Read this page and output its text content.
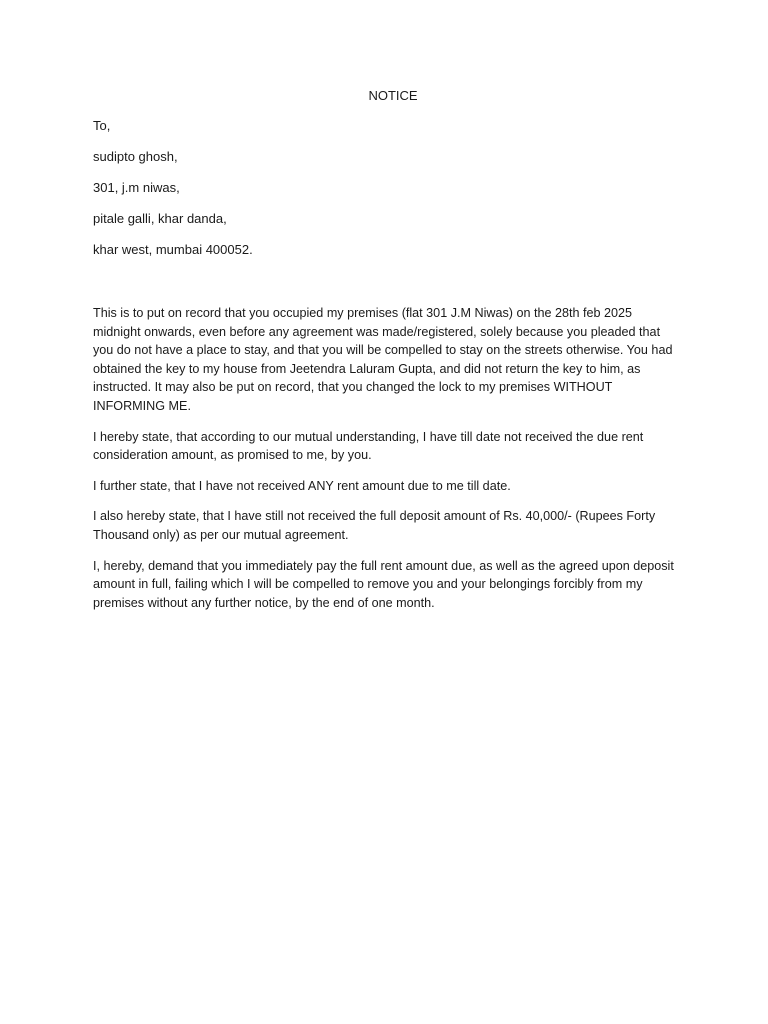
NOTICE

To,

sudipto ghosh,

301, j.m niwas,

pitale galli, khar danda,

khar west, mumbai 400052.

This is to put on record that you occupied my premises (flat 301 J.M Niwas) on the 28th feb 2025 midnight onwards, even before any agreement was made/registered, solely because you pleaded that you do not have a place to stay, and that you will be compelled to stay on the streets otherwise. You had obtained the key to my house from Jeetendra Laluram Gupta, and did not return the key to him, as instructed. It may also be put on record, that you changed the lock to my premises WITHOUT INFORMING ME.

I hereby state, that according to our mutual understanding, I have till date not received the due rent consideration amount, as promised to me, by you.

I further state, that I have not received ANY rent amount due to me till date.

I also hereby state, that I have still not received the full deposit amount of Rs. 40,000/- (Rupees Forty Thousand only) as per our mutual agreement.

I, hereby, demand that you immediately pay the full rent amount due, as well as the agreed upon deposit amount in full, failing which I will be compelled to remove you and your belongings forcibly from my premises without any further notice, by the end of one month.
